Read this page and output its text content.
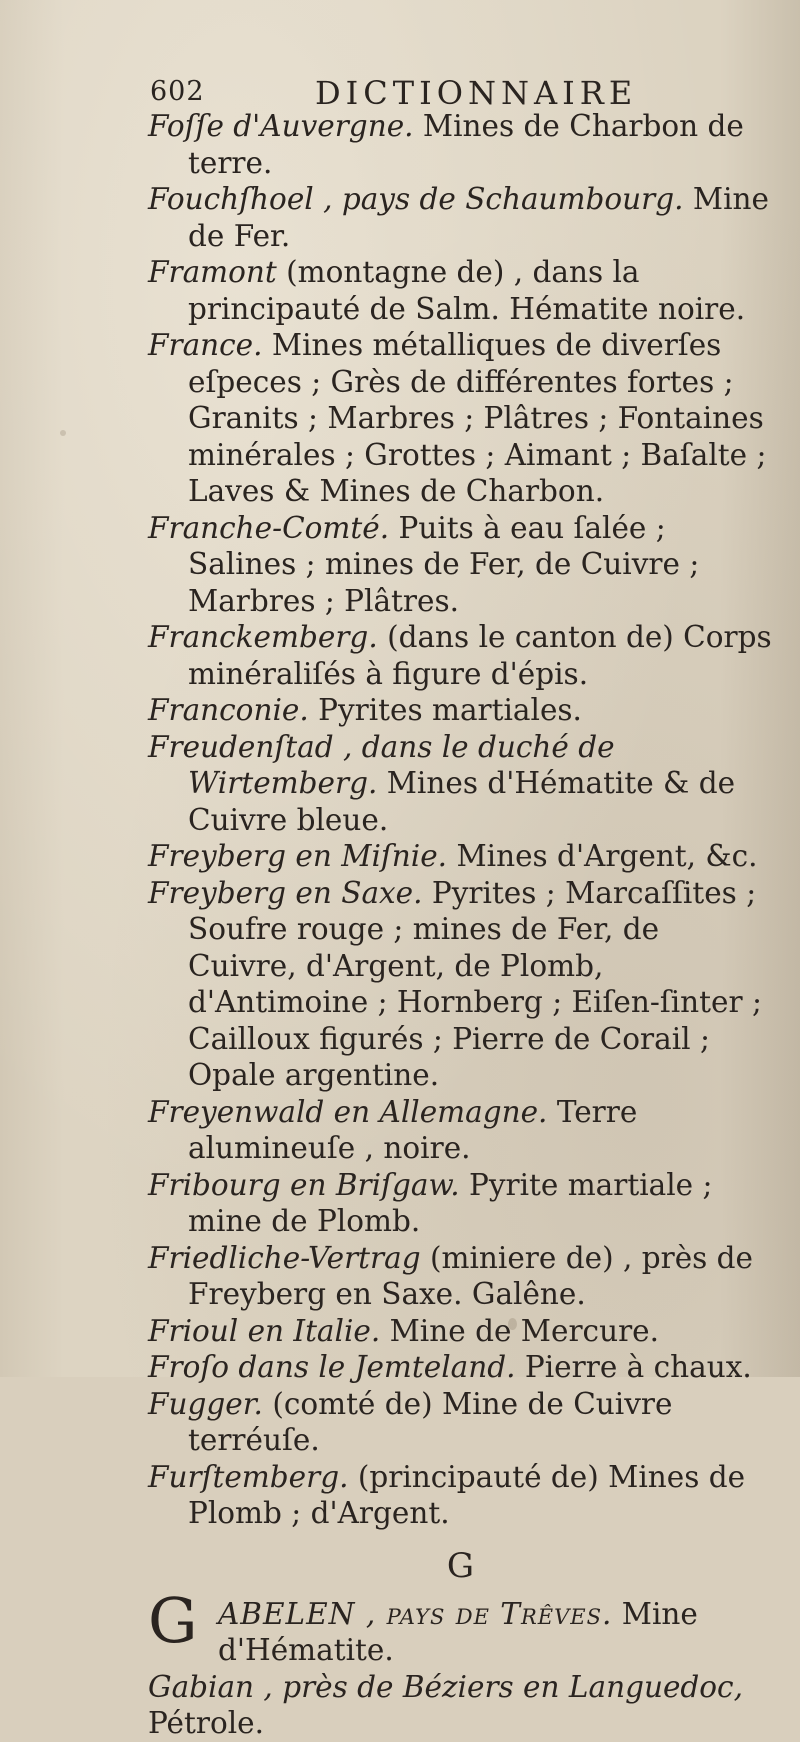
602	DICTIONNAIRE

Foſſe d'Auvergne. Mines de Charbon de terre.

Fouchſhoel , pays de Schaumbourg. Mine de Fer.

Framont (montagne de) , dans la principauté de Salm. Hématite noire.

France. Mines métalliques de diverſes eſpeces ; Grès de différentes fortes ; Granits ; Marbres ; Plâtres ; Fontaines minérales ; Grottes ; Aimant ; Baſalte ; Laves & Mines de Charbon.

Franche-Comté. Puits à eau ſalée ; Salines ; mines de Fer, de Cuivre ; Marbres ; Plâtres.

Franckemberg. (dans le canton de) Corps minéraliſés à figure d'épis.

Franconie. Pyrites martiales.

Freudenſtad , dans le duché de Wirtemberg. Mines d'Hématite & de Cuivre bleue.

Freyberg en Miſnie. Mines d'Argent, &c.

Freyberg en Saxe. Pyrites ; Marcaſſites ; Soufre rouge ; mines de Fer, de Cuivre, d'Argent, de Plomb, d'Antimoine ; Hornberg ; Eiſen-ſinter ; Cailloux figurés ; Pierre de Corail ; Opale argentine.

Freyenwald en Allemagne. Terre alumineuſe , noire.

Fribourg en Briſgaw. Pyrite martiale ; mine de Plomb.

Friedliche-Vertrag (miniere de) , près de Freyberg en Saxe. Galêne.

Frioul en Italie. Mine de Mercure.

Froſo dans le Jemteland. Pierre à chaux.

Fugger. (comté de) Mine de Cuivre terréuſe.

Furſtemberg. (principauté de) Mines de Plomb ; d'Argent.

G

G ABELEN , pays de Trêves. Mine d'Hématite.

Gabian , près de Béziers en Languedoc, Pétrole.
